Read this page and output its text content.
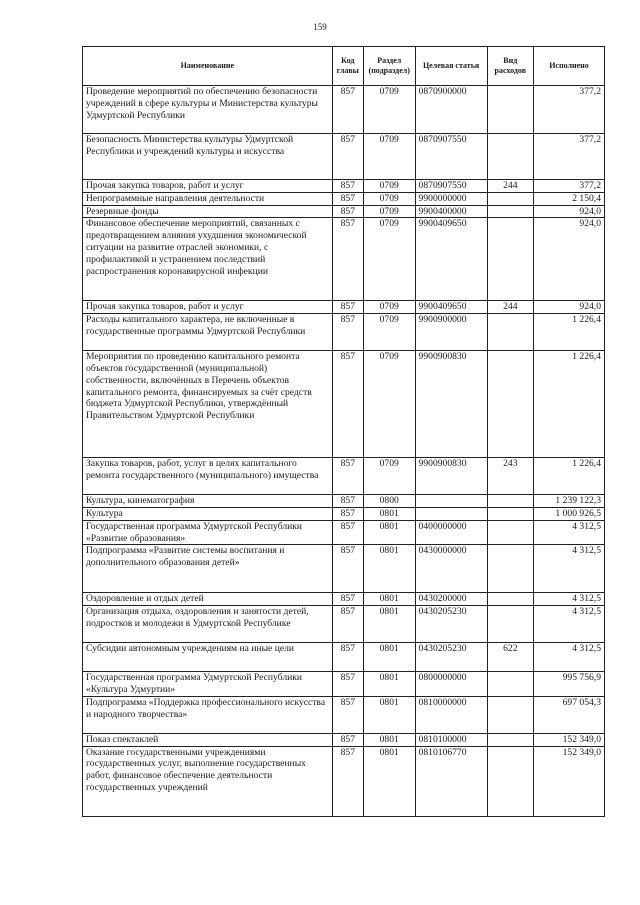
159
Наименование	Код главы	Раздел (подраздел)	Целевая статья	Вид расходов	Исполнено
Проведение мероприятий по обеспечению безопасности учреждений в сфере культуры и Министерства культуры Удмуртской Республики	857	0709	0870900000		377,2
Безопасность Министерства культуры Удмуртской Республики и учреждений культуры и искусства	857	0709	0870907550		377,2
Прочая закупка товаров, работ и услуг	857	0709	0870907550	244	377,2
Непрограммные направления деятельности	857	0709	9900000000		2 150,4
Резервные фонды	857	0709	9900400000		924,0
Финансовое обеспечение мероприятий, связанных с предотвращением влияния ухудшения экономической ситуации на развитие отраслей экономики, с профилактикой и устранением последствий распространения коронавирусной инфекции	857	0709	9900409650		924,0
Прочая закупка товаров, работ и услуг	857	0709	9900409650	244	924,0
Расходы капитального характера, не включенные в государственные программы Удмуртской Республики	857	0709	9900900000		1 226,4
Мероприятия по проведению капитального ремонта объектов государственной (муниципальной) собственности, включённых в Перечень объектов капитального ремонта, финансируемых за счёт средств бюджета Удмуртской Республики, утверждённый Правительством Удмуртской Республики	857	0709	9900900830		1 226,4
Закупка товаров, работ, услуг в целях капитального ремонта государственного (муниципального) имущества	857	0709	9900900830	243	1 226,4
Культура, кинематография	857	0800			1 239 122,3
Культура	857	0801			1 000 926,5
Государственная программа Удмуртской Республики «Развитие образования»	857	0801	0400000000		4 312,5
Подпрограмма «Развитие системы воспитания и дополнительного образования детей»	857	0801	0430000000		4 312,5
Оздоровление и отдых детей	857	0801	0430200000		4 312,5
Организация отдыха, оздоровления и занятости детей, подростков и молодежи в Удмуртской Республике	857	0801	0430205230		4 312,5
Субсидии автономным учреждениям на иные цели	857	0801	0430205230	622	4 312,5
Государственная программа Удмуртской Республики «Культура Удмуртии»	857	0801	0800000000		995 756,9
Подпрограмма «Поддержка профессионального искусства и народного творчества»	857	0801	0810000000		697 054,3
Показ спектаклей	857	0801	0810100000		152 349,0
Оказание государственными учреждениями государственных услуг, выполнение государственных работ, финансовое обеспечение деятельности государственных учреждений	857	0801	0810106770		152 349,0
